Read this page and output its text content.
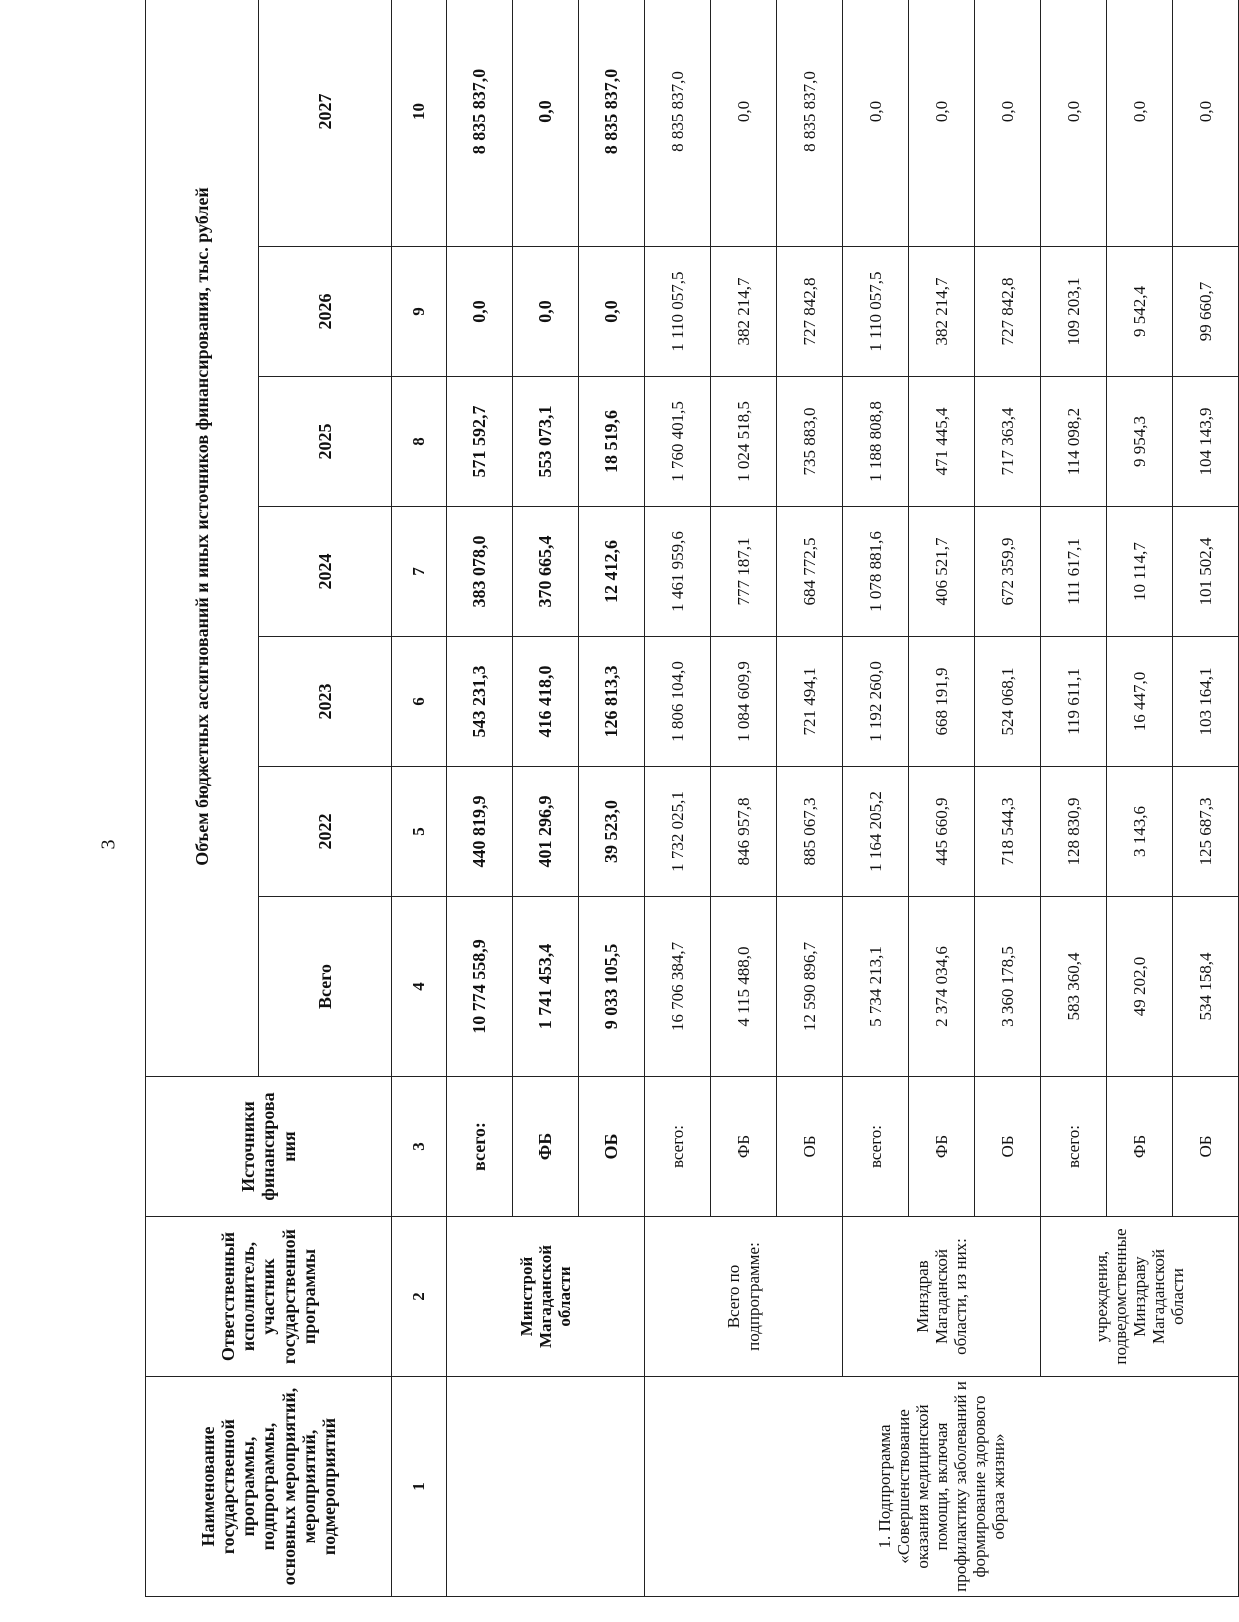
3
Наименование государственной программы, подпрограммы, основных мероприятий, мероприятий, подмероприятий	Ответственный исполнитель, участник государственной программы	Источники финансирова ния	Объем бюджетных ассигнований и иных источников финансирования, тыс. рублей						
			Всего	2022	2023	2024	2025	2026	2027
1	2	3	4	5	6	7	8	9	10
	Минстрой Магаданской области	всего:	10 774 558,9	440 819,9	543 231,3	383 078,0	571 592,7	0,0	8 835 837,0
		ФБ	1 741 453,4	401 296,9	416 418,0	370 665,4	553 073,1	0,0	0,0
		ОБ	9 033 105,5	39 523,0	126 813,3	12 412,6	18 519,6	0,0	8 835 837,0
1. Подпрограмма «Совершенствование оказания медицинской помощи, включая профилактику заболеваний и формирование здорового образа жизни»	Всего по подпрограмме:	всего:	16 706 384,7	1 732 025,1	1 806 104,0	1 461 959,6	1 760 401,5	1 110 057,5	8 835 837,0
		ФБ	4 115 488,0	846 957,8	1 084 609,9	777 187,1	1 024 518,5	382 214,7	0,0
		ОБ	12 590 896,7	885 067,3	721 494,1	684 772,5	735 883,0	727 842,8	8 835 837,0
	Минздрав Магаданской области, из них:	всего:	5 734 213,1	1 164 205,2	1 192 260,0	1 078 881,6	1 188 808,8	1 110 057,5	0,0
		ФБ	2 374 034,6	445 660,9	668 191,9	406 521,7	471 445,4	382 214,7	0,0
		ОБ	3 360 178,5	718 544,3	524 068,1	672 359,9	717 363,4	727 842,8	0,0
	учреждения, подведомственные Минздраву Магаданской области	всего:	583 360,4	128 830,9	119 611,1	111 617,1	114 098,2	109 203,1	0,0
		ФБ	49 202,0	3 143,6	16 447,0	10 114,7	9 954,3	9 542,4	0,0
		ОБ	534 158,4	125 687,3	103 164,1	101 502,4	104 143,9	99 660,7	0,0
